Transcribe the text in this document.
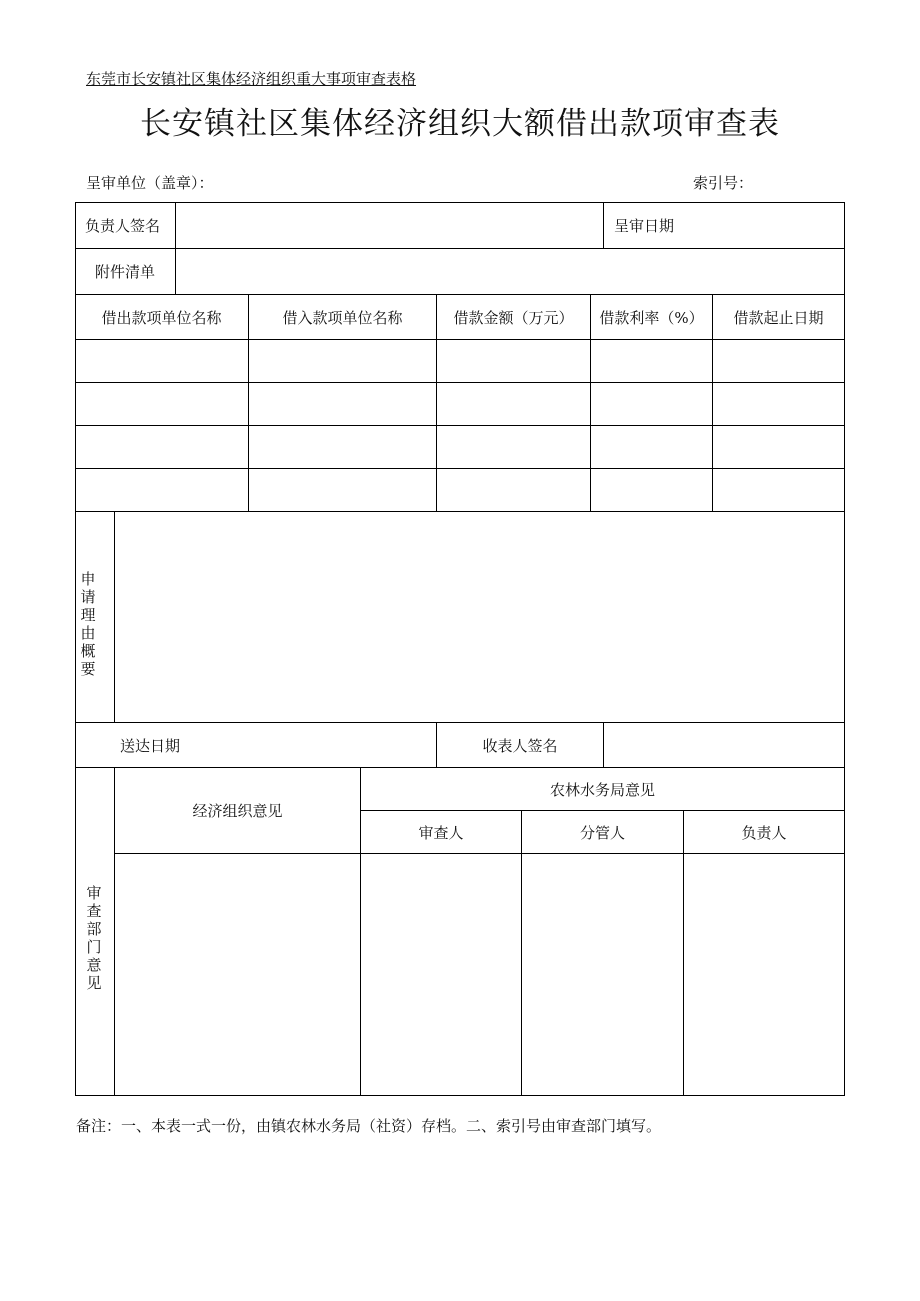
东莞市长安镇社区集体经济组织重大事项审查表格
长安镇社区集体经济组织大额借出款项审查表
呈审单位（盖章）：	索引号：
负责人签名	呈审日期
附件清单
借出款项单位名称	借入款项单位名称	借款金额（万元）	借款利率（%）	借款起止日期
申请理由概要
送达日期	收表人签名
审查部门意见
经济组织意见
农林水务局意见
审查人	分管人	负责人
备注：一、本表一式一份，由镇农林水务局（社资）存档。二、索引号由审查部门填写。
